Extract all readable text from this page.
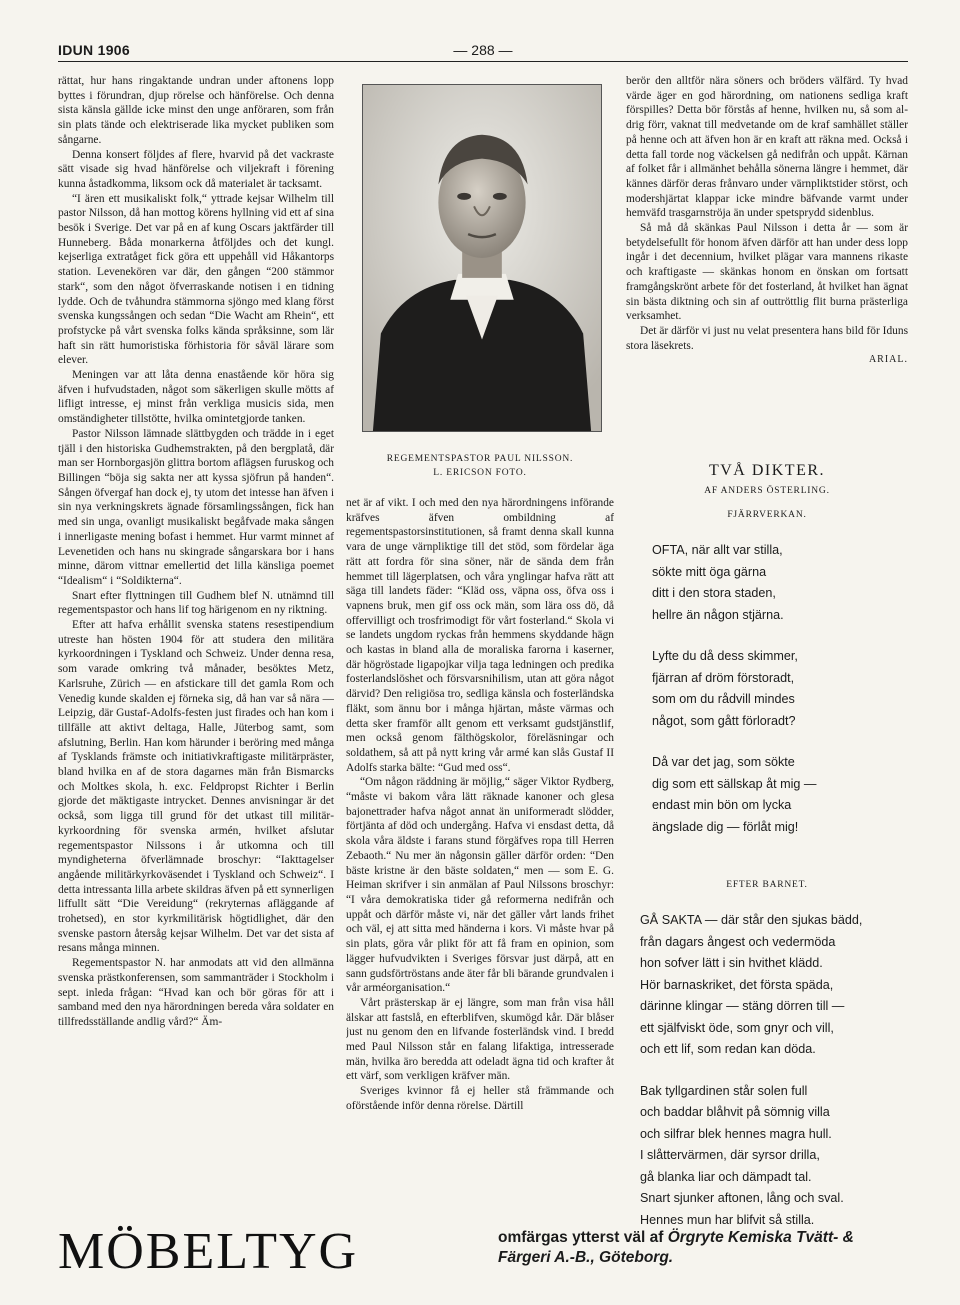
IDUN 1906	— 288 —

rättat, hur hans ringaktande undran under aftonens lopp byttes i förundran, djup rörelse och hänförelse. Och denna sista känsla gällde icke minst den unge anföraren, som från sin plats tände och elektriserade lika mycket publiken som sångarne.

Denna konsert följdes af flere, hvarvid på det vackraste sätt visade sig hvad hänförelse och viljekraft i förening kunna åstadkomma, liksom ock då materialet är tacksamt.

“I ären ett musikaliskt folk,“ yttrade kejsar Wilhelm till pastor Nilsson, då han mottog körens hyllning vid ett af sina besök i Sverige. Det var på en af kung Oscars jaktfärder till Hunneberg. Båda monarkerna åtföljdes och det kungl. kejserliga extratåget fick göra ett uppehåll vid Håkantorps station. Levenekören var där, den gången “200 stämmor stark“, som den något öfverraskande notisen i en tidning lydde. Och de tvåhundra stämmorna sjöngo med klang först svenska kungssången och sedan “Die Wacht am Rhein“, ett profstycke på vårt svenska folks kända språksinne, som lär haft sin rätt humoristiska förhistoria för såväl lärare som elever.

Meningen var att låta denna enastående kör höra sig äfven i hufvudstaden, något som säkerligen skulle mötts af lifligt intresse, ej minst från verkliga musicis sida, men omständigheter tillstötte, hvilka omintetgjorde tanken.

Pastor Nilsson lämnade slättbygden och trädde in i eget tjäll i den historiska Gudhemstrakten, på den bergplatå, där man ser Hornborgasjön glittra bortom aflägsen furuskog och Billingen “böja sig sakta ner att kyssa sjöfrun på handen“. Sången öfvergaf han dock ej, ty utom det intesse han äfven i sin nya verkningskrets ägnade församlingssången, fick han med sin unga, ovanligt musikaliskt begåfvade maka sången i innerligaste mening bofast i hemmet. Hur varmt minnet af Levenetiden och hans nu skingrade sångarskara bor i hans minne, därom vittnar emellertid det lilla känsliga poemet “Idealism“ i “Soldikterna“.

Snart efter flyttningen till Gudhem blef N. utnämnd till regementspastor och hans lif tog härigenom en ny riktning.

Efter att hafva erhållit svenska statens resestipendium utreste han hösten 1904 för att studera den militära kyrkoordningen i Tyskland och Schweiz. Under denna resa, som varade omkring två månader, besöktes Metz, Karlsruhe, Zürich — en afstickare till det gamla Rom och Venedig kunde skalden ej förneka sig, då han var så nära — Leipzig, där Gustaf-Adolfs-festen just firades och han kom i tillfälle att aktivt deltaga, Halle, Jüterbog samt, som afslutning, Berlin. Han kom härunder i beröring med många af Tysklands främste och initiativkraftigaste militärpräster, bland hvilka en af de stora dagarnes män från Bismarcks och Moltkes skola, h. exc. Feldpropst Richter i Berlin gjorde det mäktigaste intrycket. Dennes anvisningar är det också, som ligga till grund för det utkast till militärkyrkoordning för svenska armén, hvilket afslutar regementspastor Nilssons i år utkomna och till myndigheterna öfverlämnade broschyr: “Iakttagelser angående militärkyrkoväsendet i Tyskland och Schweiz“. I detta intressanta lilla arbete skildras äfven på ett synnerligen liffullt sätt “Die Vereidung“ (rekryternas afläggande af trohetsed), en stor kyrkmilitärisk högtidlighet, där den svenske pastorn återsåg kejsar Wilhelm. Det var det sista af resans många minnen.

Regementspastor N. har anmodats att vid den allmänna svenska prästkonferensen, som sammanträder i Stockholm i sept. inleda frågan: “Hvad kan och bör göras för att i samband med den nya härordningen bereda våra soldater en tillfredsställande andlig vård?“ Äm-

REGEMENTSPASTOR PAUL NILSSON.
L. ERICSON FOTO.

net är af vikt. I och med den nya härordningens införande kräfves äfven ombildning af regementspastorsinstitutionen, så framt denna skall kunna vara de unge värnpliktige till det stöd, som fördelar äga rätt att fordra för sina söner, när de sända dem från hemmet till lägerplatsen, och våra ynglingar hafva rätt att säga till landets fäder: “Kläd oss, väpna oss, öfva oss i vapnens bruk, men gif oss ock män, som lära oss dö, då offervilligt och trosfrimodigt för vårt fosterland.“ Skola vi se landets ungdom ryckas från hemmens skyddande hägn och kastas in bland alla de moraliska farorna i kaserner, där högröstade ligapojkar vilja taga ledningen och predika fosterlandslöshet och försvarsnihilism, utan att göra något därvid? Den religiösa tro, sedliga känsla och fosterländska fläkt, som ännu bor i många hjärtan, måste värmas och detta sker framför allt genom ett verksamt gudstjänstlif, men också genom fälthögskolor, föreläsningar och soldathem, så att på nytt kring vår armé kan slås Gustaf II Adolfs starka bälte: “Gud med oss“.

“Om någon räddning är möjlig,“ säger Viktor Rydberg, “måste vi bakom våra lätt räknade kanoner och glesa bajonettrader hafva något annat än uniformeradt slödder, förtjänta af död och undergång. Hafva vi ensdast detta, då skola våra äldste i farans stund förgäfves ropa till Herren Zebaoth.“ Nu mer än någonsin gäller därför orden: “Den bäste kristne är den bäste soldaten,“ men — som E. G. Heiman skrifver i sin anmälan af Paul Nilssons broschyr: “I våra demokratiska tider gå reformerna nedifrån och uppåt och därför måste vi, när det gäller vårt lands frihet och väl, ej att sitta med händerna i kors. Vi måste hvar på sin plats, göra vår plikt för att få fram en opinion, som lägger hufvudvikten i Sveriges försvar just därpå, att en sann gudsförtröstans ande äter får bli bärande grundvalen i vår arméorganisation.“

Vårt prästerskap är ej längre, som man från visa håll älskar att fastslå, en efterblifven, skumögd kår. Där blåser just nu genom den en lifvande fosterländsk vind. I bredd med Paul Nilsson står en falang lifaktiga, intresserade män, hvilka äro beredda att odeladt ägna tid och krafter åt ett värf, som verkligen kräfver män.

Sveriges kvinnor få ej heller stå främmande och oförstående inför denna rörelse. Därtill

berör den alltför nära söners och bröders välfärd. Ty hvad värde äger en god härordning, om nationens sedliga kraft förspilles? Detta bör förstås af henne, hvilken nu, så som aldrig förr, vaknat till medvetande om de kraf samhället ställer på henne och att äfven hon är en kraft att räkna med. Också i detta fall torde nog väckelsen gå nedifrån och uppåt. Kärnan af folket får i allmänhet behålla sönerna längre i hemmet, där kännes därför deras frånvaro under värnpliktstider störst, och modershjärtat klappar icke mindre bäfvande varmt under hemväfd trasgarnströja än under spetsprydd sidenblus.

Så må då skänkas Paul Nilsson i detta år — som är betydelsefullt för honom äfven därför att han under dess lopp ingår i det decennium, hvilket plägar vara mannens rikaste och kraftigaste — skänkas honom en önskan om fortsatt framgångskrönt arbete för det fosterland, åt hvilket han ägnat sin bästa diktning och sin af outtröttlig flit burna prästerliga verksamhet.

Det är därför vi just nu velat presentera hans bild för Iduns stora läsekrets.

ARIAL.

TVÅ DIKTER.
AF ANDERS ÖSTERLING.
FJÄRRVERKAN.
OFTA, när allt var stilla,
sökte mitt öga gärna
ditt i den stora staden,
hellre än någon stjärna.
Lyfte du då dess skimmer,
fjärran af dröm förstoradt,
som om du rådvill mindes
något, som gått förloradt?
Då var det jag, som sökte
dig som ett sällskap åt mig —
endast min bön om lycka
ängslade dig — förlåt mig!
EFTER BARNET.
GÅ SAKTA — där står den sjukas bädd,
från dagars ångest och vedermöda
hon sofver lätt i sin hvithet klädd.
Hör barnaskriket, det första späda,
därinne klingar — stäng dörren till —
ett själfviskt öde, som gnyr och vill,
och ett lif, som redan kan döda.
Bak tyllgardinen står solen full
och baddar blåhvit på sömnig villa
och silfrar blek hennes magra hull.
I slåttervärmen, där syrsor drilla,
gå blanka liar och dämpadt tal.
Snart sjunker aftonen, lång och sval.
Hennes mun har blifvit så stilla.
MÖBELTYG	omfärgas ytterst väl af Örgryte Kemiska Tvätt- & Färgeri A.-B., Göteborg.
